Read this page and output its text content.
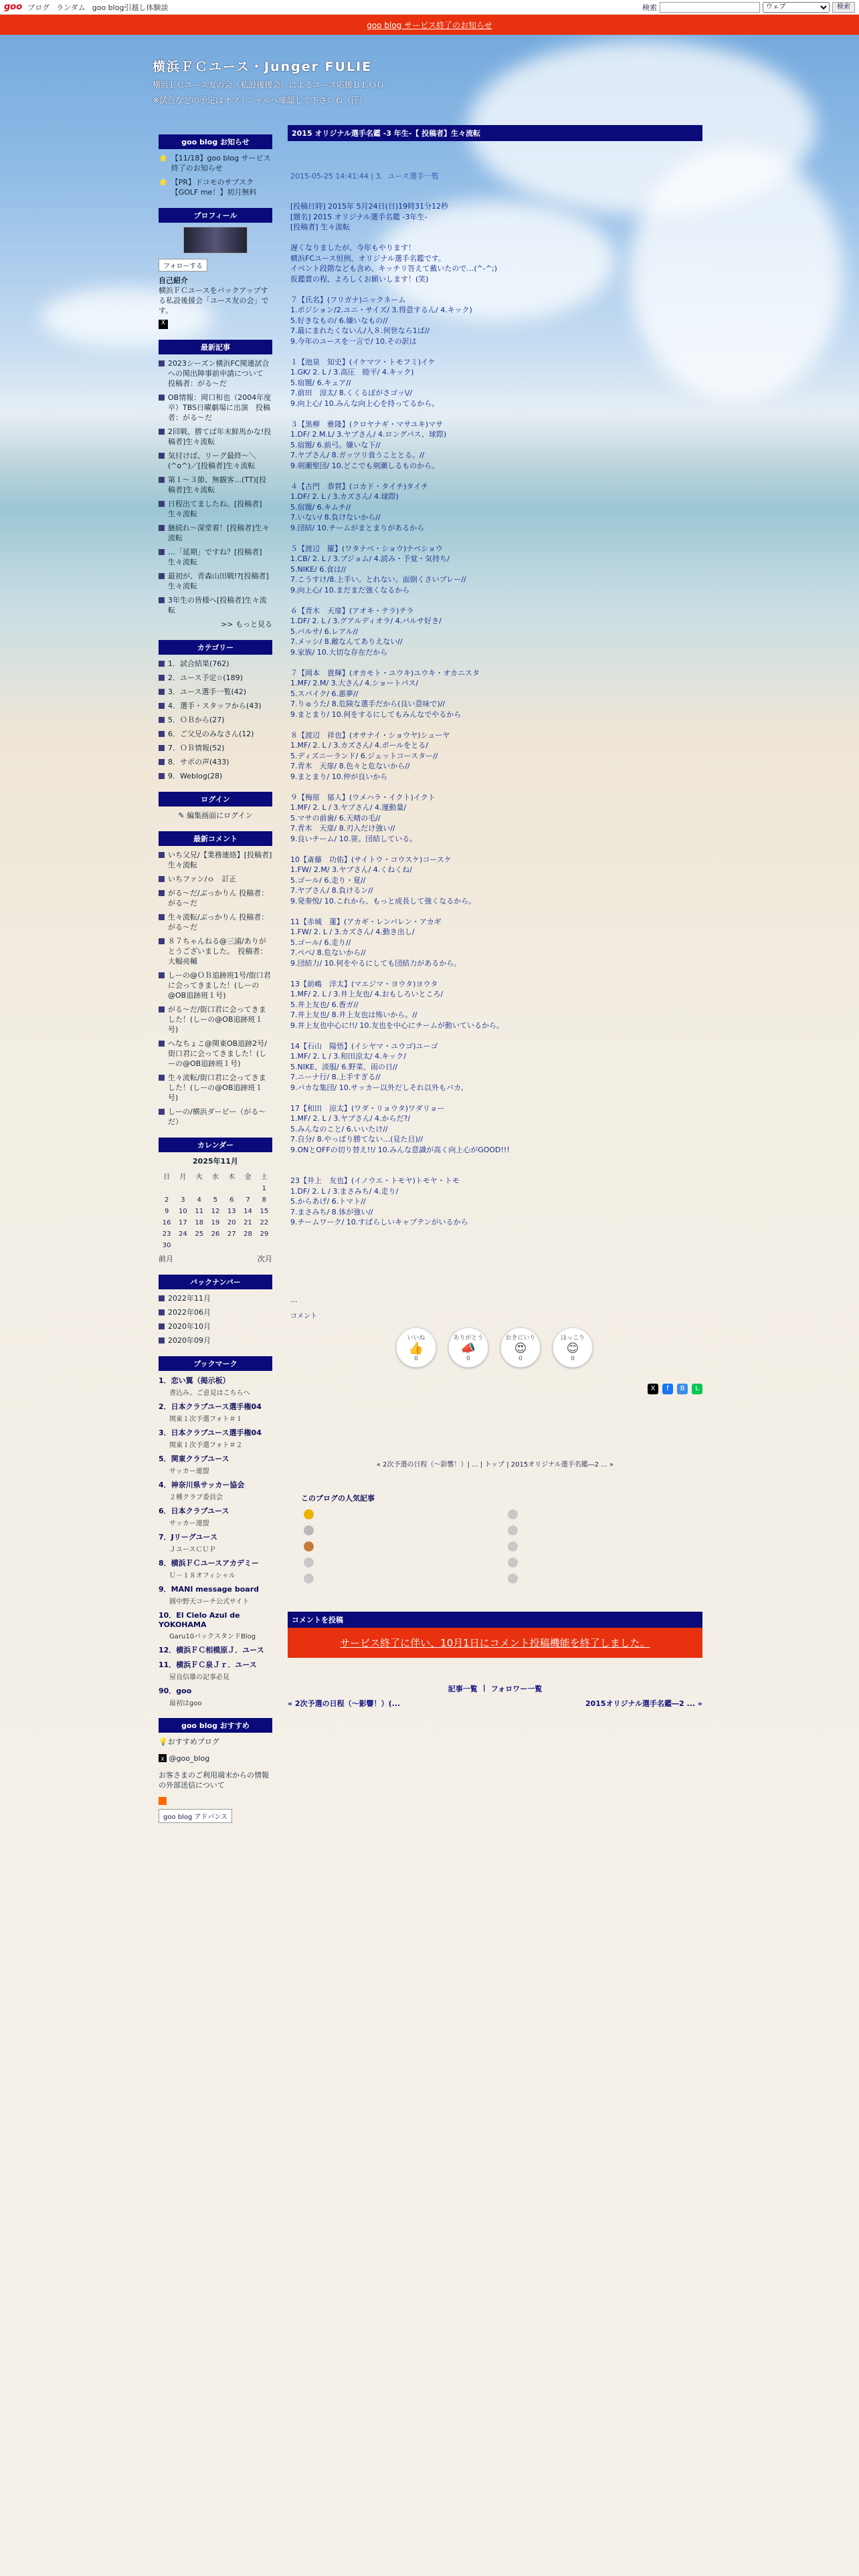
goo ブログ ランダム goo blog引越し体験談	検索
ウェブ	検索
goo blog サービス終了のお知らせ
横浜ＦＣユース・Junger FULIE

横浜ＦＣユース友の会（私設後援会）によるユース応援ＢＬＯＧ

※試合などの予定はオフィシャルへ確認して下さいね（汗）

goo blog お知らせ
⭐ 【11/18】goo blog サービス終了のお知らせ
⭐ 【PR】ドコモのサブスク【GOLF me！】初月無料
プロフィール
フォローする
自己紹介
横浜ＦＣユースをバックアップする私設後援会「ユース友の会」です。
X
最新記事
2023シーズン横浜FC関連試合への関出陣事前申請について　投稿者：がる〜だ
OB情報：岡口和也（2004年度卒）TBS日曜劇場に出演　投稿者：がる〜だ
2回戦、勝てば年末鮮馬かな!投稿者]生々流転
気付けば、リーグ最終〜＼(^o^)／[投稿者]生々流転
第１〜３節、無観客…(TT)[投稿者]生々流転
日程出てましたね。[投稿者]生々流転
継続れ～深堂着！[投稿者]生々流転
…「延期」ですね？[投稿者]生々流転
最初が、青森山田戦!?[投稿者]生々流転
3年生の皆様へ[投稿者]生々流転
>> もっと見る
カテゴリー
1．試合結果(762)
2．ユース予定☆(189)
3．ユース選手一覧(42)
4．選手・スタッフから(43)
5．ＯＢから(27)
6．ご父兄のみなさん(12)
7．ＯＢ情報(52)
8．サポの声(433)
9．Weblog(28)
ログイン
✎ 編集画面にログイン
最新コメント
いち父兄/【業務連絡】[投稿者]生々流転
いちファン/ｏ　訂正
がる〜だ/ぶっかりん 投稿者：がる〜だ
生々流転/ぶっかりん 投稿者：がる〜だ
８７ちゃんねる@三浦/ありがとうございました。　投稿者：大幅亮輔
しーの@ＯＢ追跡班1号/街口君に会ってきました！(しーの@OB追跡班１号)
がる〜だ/街口君に会ってきました！(しーの@OB追跡班１号)
へなちょこ@関東OB追跡2号/街口君に会ってきました！(しーの@OB追跡班１号)
生々流転/街口君に会ってきました！(しーの@OB追跡班１号)
しーの/横浜ダービー（がる〜だ）
カレンダー
2025年11月
日	月	火	水	木	金	土
						1
2	3	4	5	6	7	8
9	10	11	12	13	14	15
16	17	18	19	20	21	22
23	24	25	26	27	28	29
30						
前月	次月
バックナンバー
2022年11月
2022年06月
2020年10月
2020年09月
ブックマーク
1．恋い翼（掲示板）
書込み、ご意見はこちらへ
2．日本クラブユース選手権04
関東１次予選フォト＃１
3．日本クラブユース選手権04
関東１次予選フォト＃２
5．関東クラブユース
サッカー連盟
4．神奈川県サッカー協会
２種クラブ委員会
6．日本クラブユース
サッカー連盟
7．Jリーグユース
ＪユースＣＵＰ
8．横浜ＦＣユースアカデミー
Ｕ－１８オフィシャル
9．MANI message board
圓中野天コーチ公式サイト
10．El Cielo Azul de YOKOHAMA
Garu10バックスタンドBlog
12．横浜ＦＣ相模原Ｊ．ユース
11．横浜ＦＣ泉Ｊｒ．ユース
屋良信雄の記事必見
90．goo
最初はgoo
goo blog おすすめ
💡おすすめブログ
X @goo_blog
お客さまのご利用端末からの情報の外部送信について
goo blog アドバンス
2015 オリジナル選手名鑑 -3 年生-【 投稿者】生々流転
2015-05-25 14:41:44 | 3．ユース選手一覧
[投稿日時] 2015年 5月24日(日)19時31分12秒
[題名] 2015 オリジナル選手名鑑 -3年生-
[投稿者] 生々流転
遅くなりましたが、今年もやります！
横浜FCユース恒例、オリジナル選手名鑑です。
イベント段階なども含め、キッチリ答えて戴いたので…(^-^;)
仮鑑賞の程、よろしくお願いします！(笑)
７【氏名】(フリガナ)ニックネーム
1.ポジション/2.ユニ・サイズ/ 3.得意するん/ 4.キック)
5.好きなもの/ 6.嫌いなもの//
7.最にまれたくないん/人８.何世なら1ば//
9.今年のユースを一言で/ 10.その訳は
１【池泉　知史】(イケマツ・トモフミ)イケ
1.GK/ 2. L / 3.高圧　睦平/ 4.キック)
5.宿題/ 6.キュア//
7.前田　涼太/ 8.くくるぼがさゴッ\//
9.向上心/ 10.みんな向上心を持ってるから。
３【黒柳　雅隆】(クロヤナギ・マサユキ)マサ
1.DF/ 2.M.L/ 3.ヤブさん/ 4.ロングパス、球際)
5.宿題/ 6.前弓。嫌いな下//
7.ヤブさん/ 8.ガッツリ食うこととる。//
9.剣瀬聖団/ 10.どこでも剣瀬しるものから。
４【古門　恭賀】(コカド・タイチ)タイチ
1.DF/ 2. L / 3.カズさん/ 4.球際)
5.宿題/ 6.キムチ//
7.いない/ 8.負けないから//
9.団結/ 10.チームがまとまりがあるから
５【渡辺　羅】(ワタナベ・ショウ)ナベショウ
1.CB/ 2. L / 3.ブジョム/ 4.読み・予覚・気持ち/
5.NIKE/ 6.食は//
7.こうすけ/8.上手い。とれない。面倒くさいプレー//
9.向上心/ 10.まだまだ強くなるから
６【青木　天扉】(アオキ・テラ)テラ
1.DF/ 2. L / 3.グアルディオラ/ 4.バルサ好き/
5.バルサ/ 6.レアル//
7.メッシ/ 8.敵なんてありえない//
9.家族/ 10.大切な存在だから
７【岡本　貴輝】(オカモト・ユウキ)ユウキ・オカニスタ
1.MF/ 2.M/ 3.大さん/ 4.ショートパス/
5.スパイク/ 6.悪夢//
7.りゅうた/ 8.危険な選手だから(良い意味で)//
9.まとまり/ 10.何をするにしてもみんなでやるから
８【渡辺　祥也】(オサナイ・ショウヤ)シューヤ
1.MF/ 2. L / 3.カズさん/ 4.ボールをとる/
5.ディズニーランド/ 6.ジェットコースター//
7.青木　天扉/ 8.色々と危ないから//
9.まとまり/ 10.仲が良いから
９【梅原　郁人】(ウメハラ・イクト)イクト
1.MF/ 2. L / 3.ヤブさん/ 4.運動量/
5.マサの前歯/ 6.天晴の毛//
7.青木　天扉/ 8.刃入だけ強い//
9.良いチーム/ 10.笹。団結している。
10【斎藤　功佑】(サイトウ・コウスケ)コースケ
1.FW/ 2.M/ 3.ヤブさん/ 4.くねくね/
5.ゴール/ 6.走り・夏//
7.ヤブさん/ 8.負けるン//
9.発奏悦/ 10.これから、もっと成長して強くなるから。
11【赤城　蓮】(アカギ・レンバレン・アカギ
1.FW/ 2. L / 3.カズさん/ 4.動き出し/
5.ゴール/ 6.走り//
7.ペペ/ 8.危ないから//
9.団結力/ 10.何をやるにしても団結力があるから。
13【前嶋　洋太】(マエジマ・ヨウタ)ヨウタ
1.MF/ 2. L / 3.井上友也/ 4.おもしろいところ/
5.井上友也/ 6.香ガ//
7.井上友也/ 8.井上友也は怖いから。//
9.井上友也中心に!!/ 10.友也を中心にチームが動いているから。
14【石山　陽悟】(イシヤマ・ユウゴ)ユーゴ
1.MF/ 2. L / 3.和田涼太/ 4.キック/
5.NIKE、淡服/ 6.野菜、雨の日//
7.ニーナ行/ 8.上手すぎる//
9.バカな集団/ 10.サッカー以外だしそれ以外もバカ。
17【和田　涼太】(ワダ・リョウタ)ワダリョー
1.MF/ 2. L / 3.ヤブさん/ 4.からだ?/
5.みんなのこと/ 6.いいたけ//
7.自分/ 8.やっぱり勝てない…(見た目)//
9.ONとOFFの切り替え!!/ 10.みんな意識が高く向上心がGOOD!!!
23【井上　友也】(イノウエ・トモヤ)トモヤ・トモ
1.DF/ 2. L / 3.まさみち/ 4.走り/
5.からあげ/ 6.トマト//
7.まさみち/ 8.体が強い//
9.チームワーク/ 10.すばらしいキャプテンがいるから
...
コメント
いいね
👍
0
ありがとう
📣
0
おきにいり
😍
0
ほっこり
😊
0
X	f	B	L
« 2次予選の日程（～影響！）| ... | トップ | 2015オリジナル選手名鑑―2 ... »
このブログの人気記事
コメントを投稿
サービス終了に伴い、10月1日にコメント投稿機能を終了しました。
記事一覧 | フォロワー一覧
« 2次予選の日程（～影響！）(...	2015オリジナル選手名鑑―2 ... »
